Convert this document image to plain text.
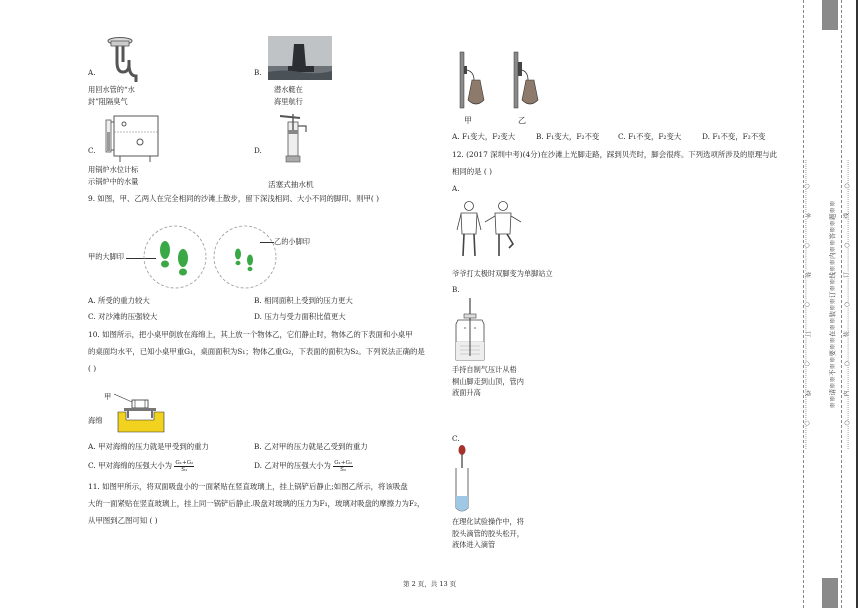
A.
用回水管的“水
封”阻隔臭气
B.
潜水艇在
海里航行
C.
用锅炉水位计标
示锅炉中的水量
D.
活塞式抽水机
9. 如图，甲、乙两人在完全相同的沙滩上散步，留下深浅相同、大小不同的脚印。则甲( )
甲的大脚印
乙的小脚印
A. 所受的重力较大	B. 相同面积上受到的压力更大
C. 对沙滩的压强较大	D. 压力与受力面积比值更大
10. 如图所示，把小桌甲倒放在海绵上，其上放一个物体乙，它们静止时，物体乙的下表面和小桌甲
的桌面均水平，已知小桌甲重G₁，桌面面积为S₁；物体乙重G₂，下表面的面积为S₂。下列说法正确的是
( )
甲
海绵
A. 甲对海绵的压力就是甲受到的重力	B. 乙对甲的压力就是乙受到的重力
C. 甲对海绵的压强大小为 $\frac{\text{G₁+G₂}}{\text{S₁}}$	D. 乙对甲的压强大小为 $\frac{\text{G₁+G₂}}{\text{S₂}}$
11. 如图甲所示，将双面吸盘小的一面紧贴在竖直玻璃上，挂上锅铲后静止;如图乙所示，将该吸盘
大的一面紧贴在竖直玻璃上，挂上同一锅铲后静止.吸盘对玻璃的压力为F₁，玻璃对吸盘的摩擦力为F₂，
从甲图到乙图可知 ( )
第 2 页，共 13 页
甲	乙
A. F₁变大，F₂变大	B. F₁变大，F₂不变	C. F₁不变，F₂变大	D. F₁不变，F₂不变
12. (2017 深圳中考)(4分)在沙滩上光脚走路，踩到贝壳时，脚会很疼。下列选项所涉及的原理与此
相同的是 ( )
A.
爷爷打太极时双脚变为单脚站立
B.
手持自制气压计从梧
桐山脚走到山顶，管内
液面升高
C.
在理化试验操作中，将
胶头滴管的胶头松开，
液体进入滴管
…………○…………外…………○…………装…………○…………订…………○…………线…………○…………	…………○…………内…………○…………装…………○…………订…………○…………线…………○…………
※※请※※不※※要※※在※※装※※订※※线※※内※※答※※题※※
